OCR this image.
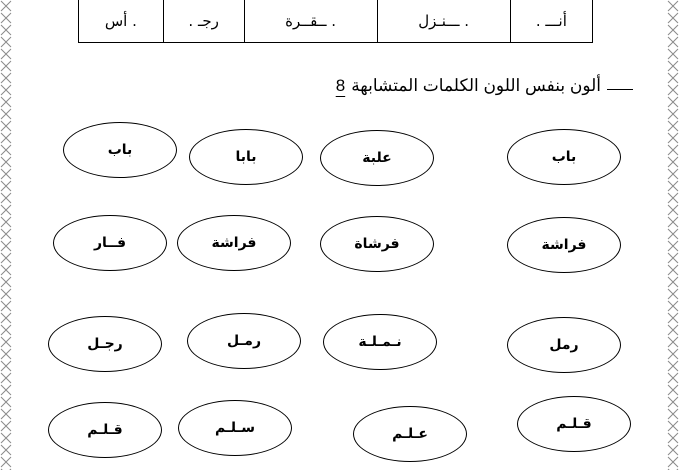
أنـــ .	. ـــنـزل	. ــقــرة	رجـ .	. أس
ألون بنفس اللون الكلمات المتشابهة
8
باب	علبة
بابا	باب
فراشة
فرشاة
فراشة
فــار
رمل
نـمـلـة
رمـل
رجـل
قـلـم
عـلـم
سـلـم
قـلـم
